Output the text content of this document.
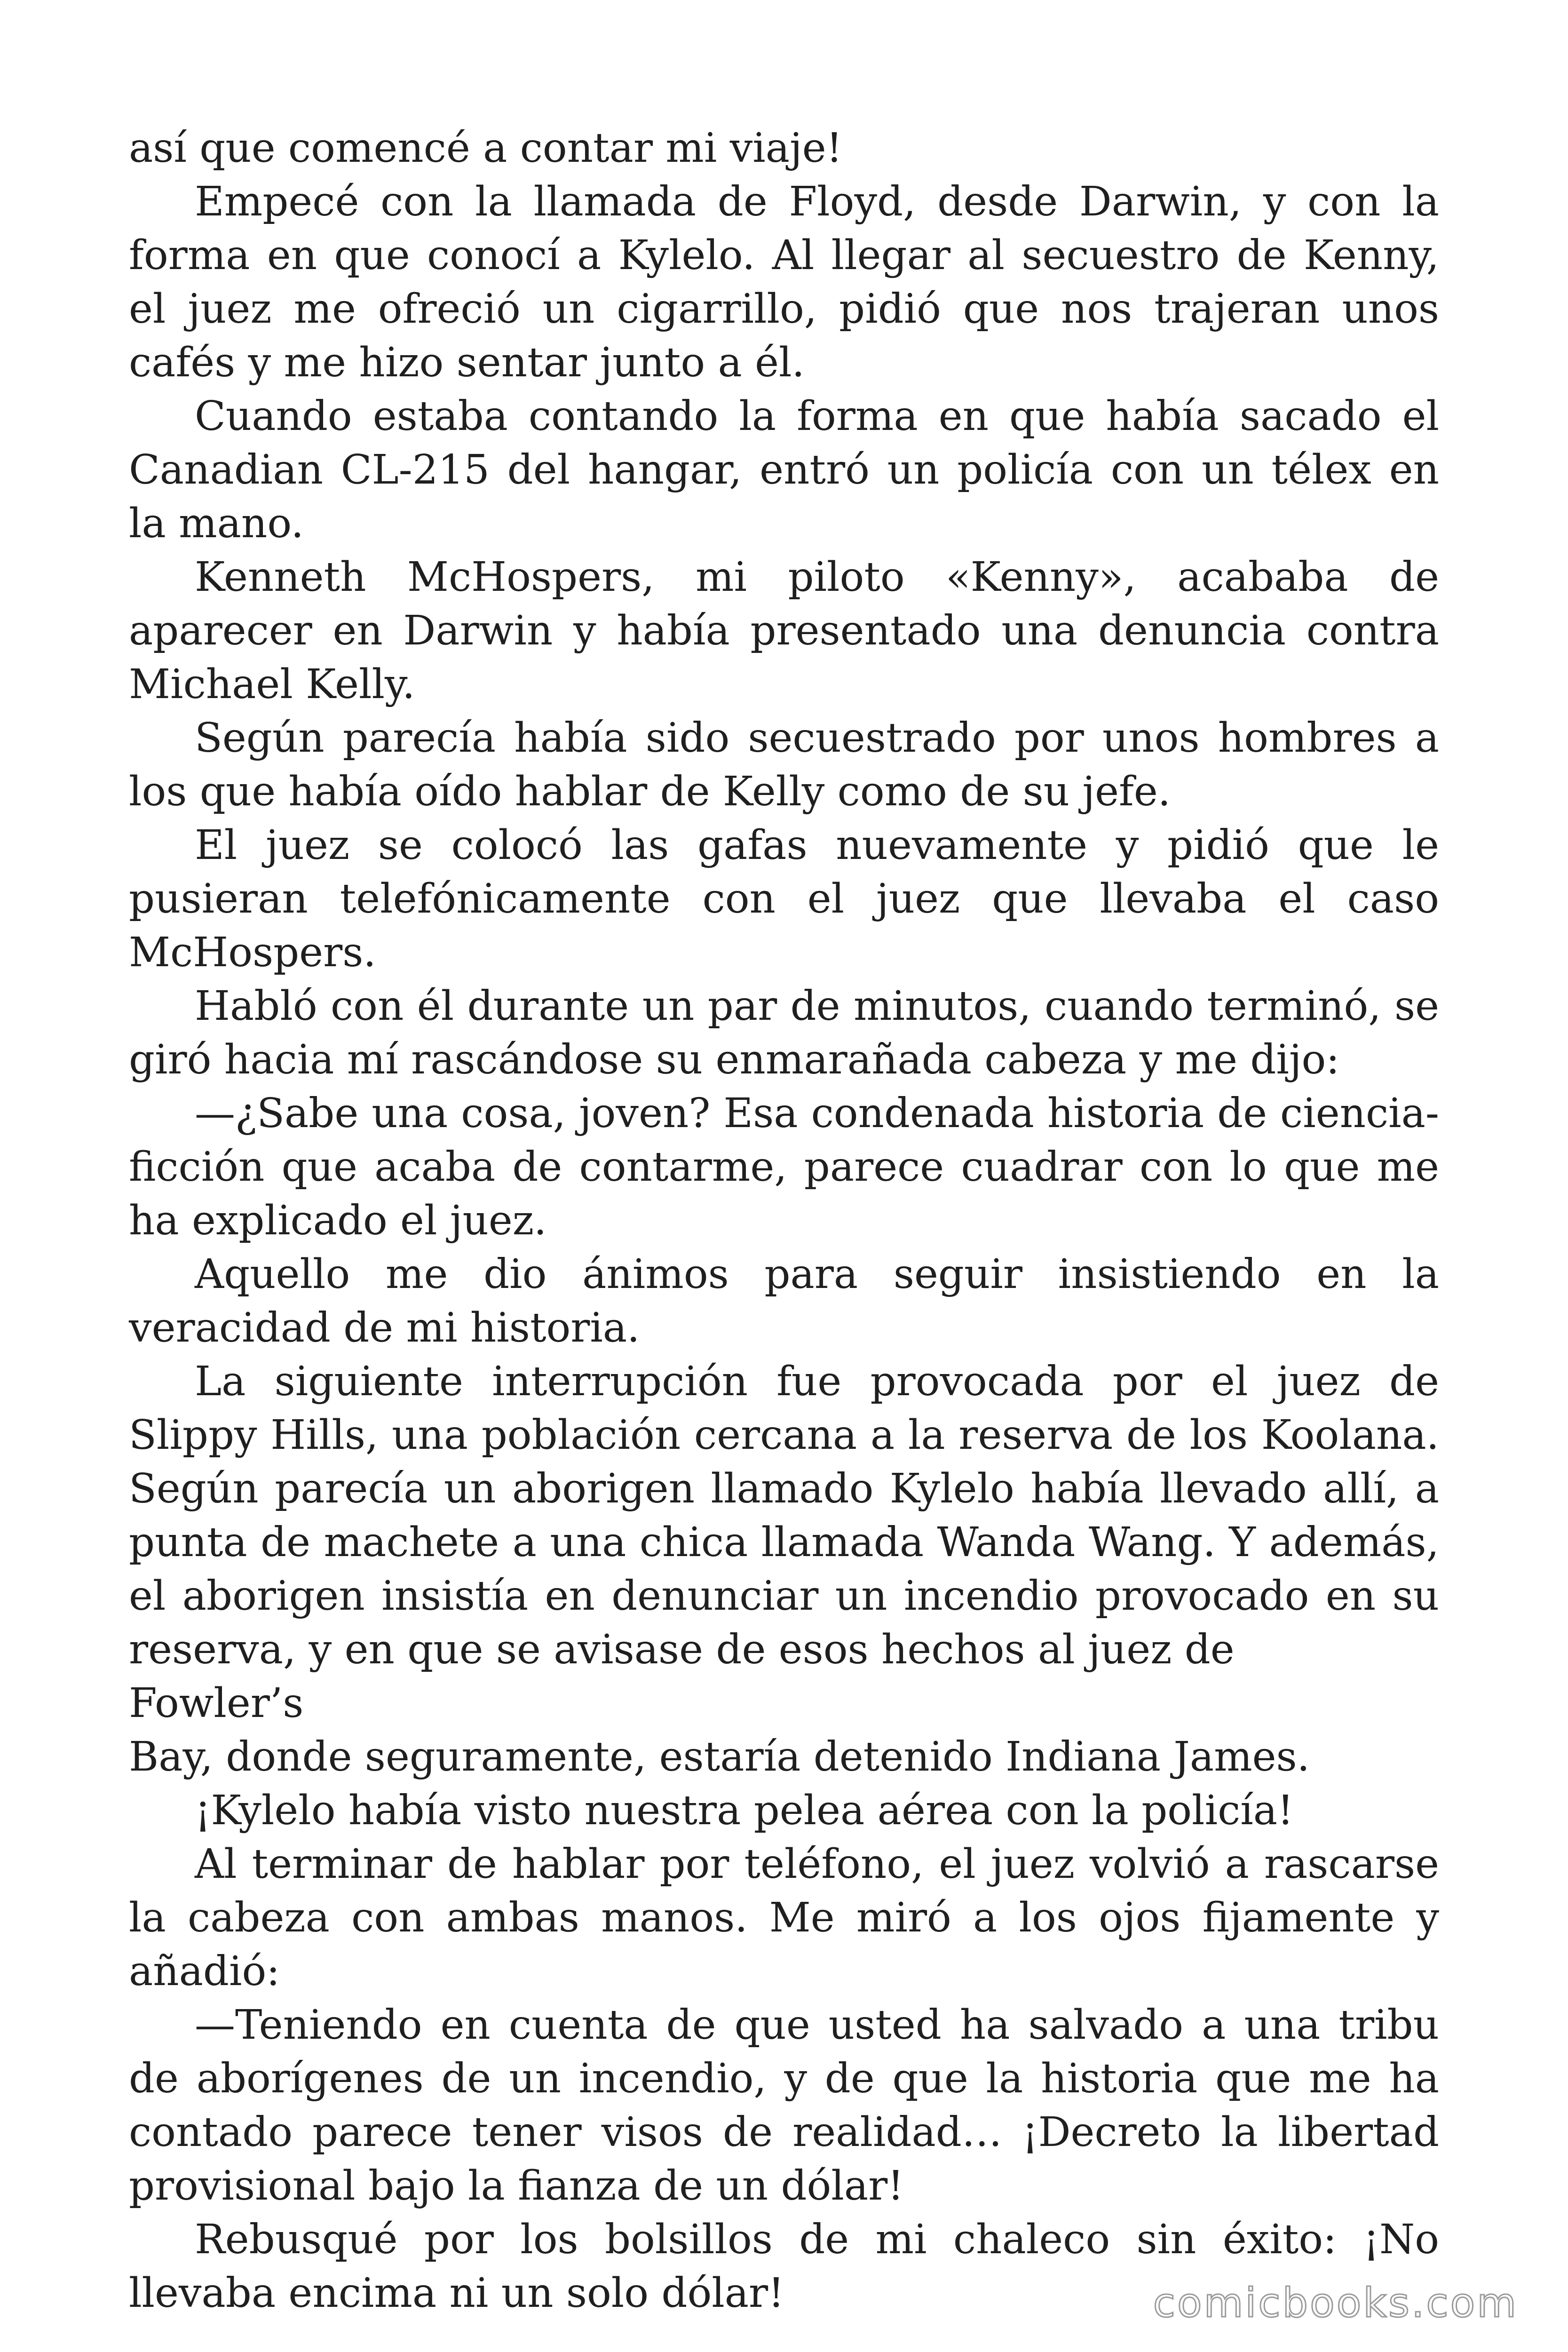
así que comencé a contar mi viaje!

Empecé con la llamada de Floyd, desde Darwin, y con la forma en que conocí a Kylelo. Al llegar al secuestro de Kenny, el juez me ofreció un cigarrillo, pidió que nos trajeran unos cafés y me hizo sentar junto a él.

Cuando estaba contando la forma en que había sacado el Canadian CL-215 del hangar, entró un policía con un télex en la mano.

Kenneth McHospers, mi piloto «Kenny», acababa de aparecer en Darwin y había presentado una denuncia contra Michael Kelly.

Según parecía había sido secuestrado por unos hombres a los que había oído hablar de Kelly como de su jefe.

El juez se colocó las gafas nuevamente y pidió que le pusieran telefónicamente con el juez que llevaba el caso McHospers.

Habló con él durante un par de minutos, cuando terminó, se giró hacia mí rascándose su enmarañada cabeza y me dijo:

—¿Sabe una cosa, joven? Esa condenada historia de ciencia-ficción que acaba de contarme, parece cuadrar con lo que me ha explicado el juez.

Aquello me dio ánimos para seguir insistiendo en la veracidad de mi historia.

La siguiente interrupción fue provocada por el juez de Slippy Hills, una población cercana a la reserva de los Koolana. Según parecía un aborigen llamado Kylelo había llevado allí, a punta de machete a una chica llamada Wanda Wang. Y además, el aborigen insistía en denunciar un incendio provocado en su reserva, y en que se avisase de esos hechos al juez de

Fowler’s

Bay, donde seguramente, estaría detenido Indiana James.

¡Kylelo había visto nuestra pelea aérea con la policía!

Al terminar de hablar por teléfono, el juez volvió a rascarse la cabeza con ambas manos. Me miró a los ojos fijamente y añadió:

—Teniendo en cuenta de que usted ha salvado a una tribu de aborígenes de un incendio, y de que la historia que me ha contado parece tener visos de realidad… ¡Decreto la libertad provisional bajo la fianza de un dólar!

Rebusqué por los bolsillos de mi chaleco sin éxito: ¡No llevaba encima ni un solo dólar!	comicbooks.com
